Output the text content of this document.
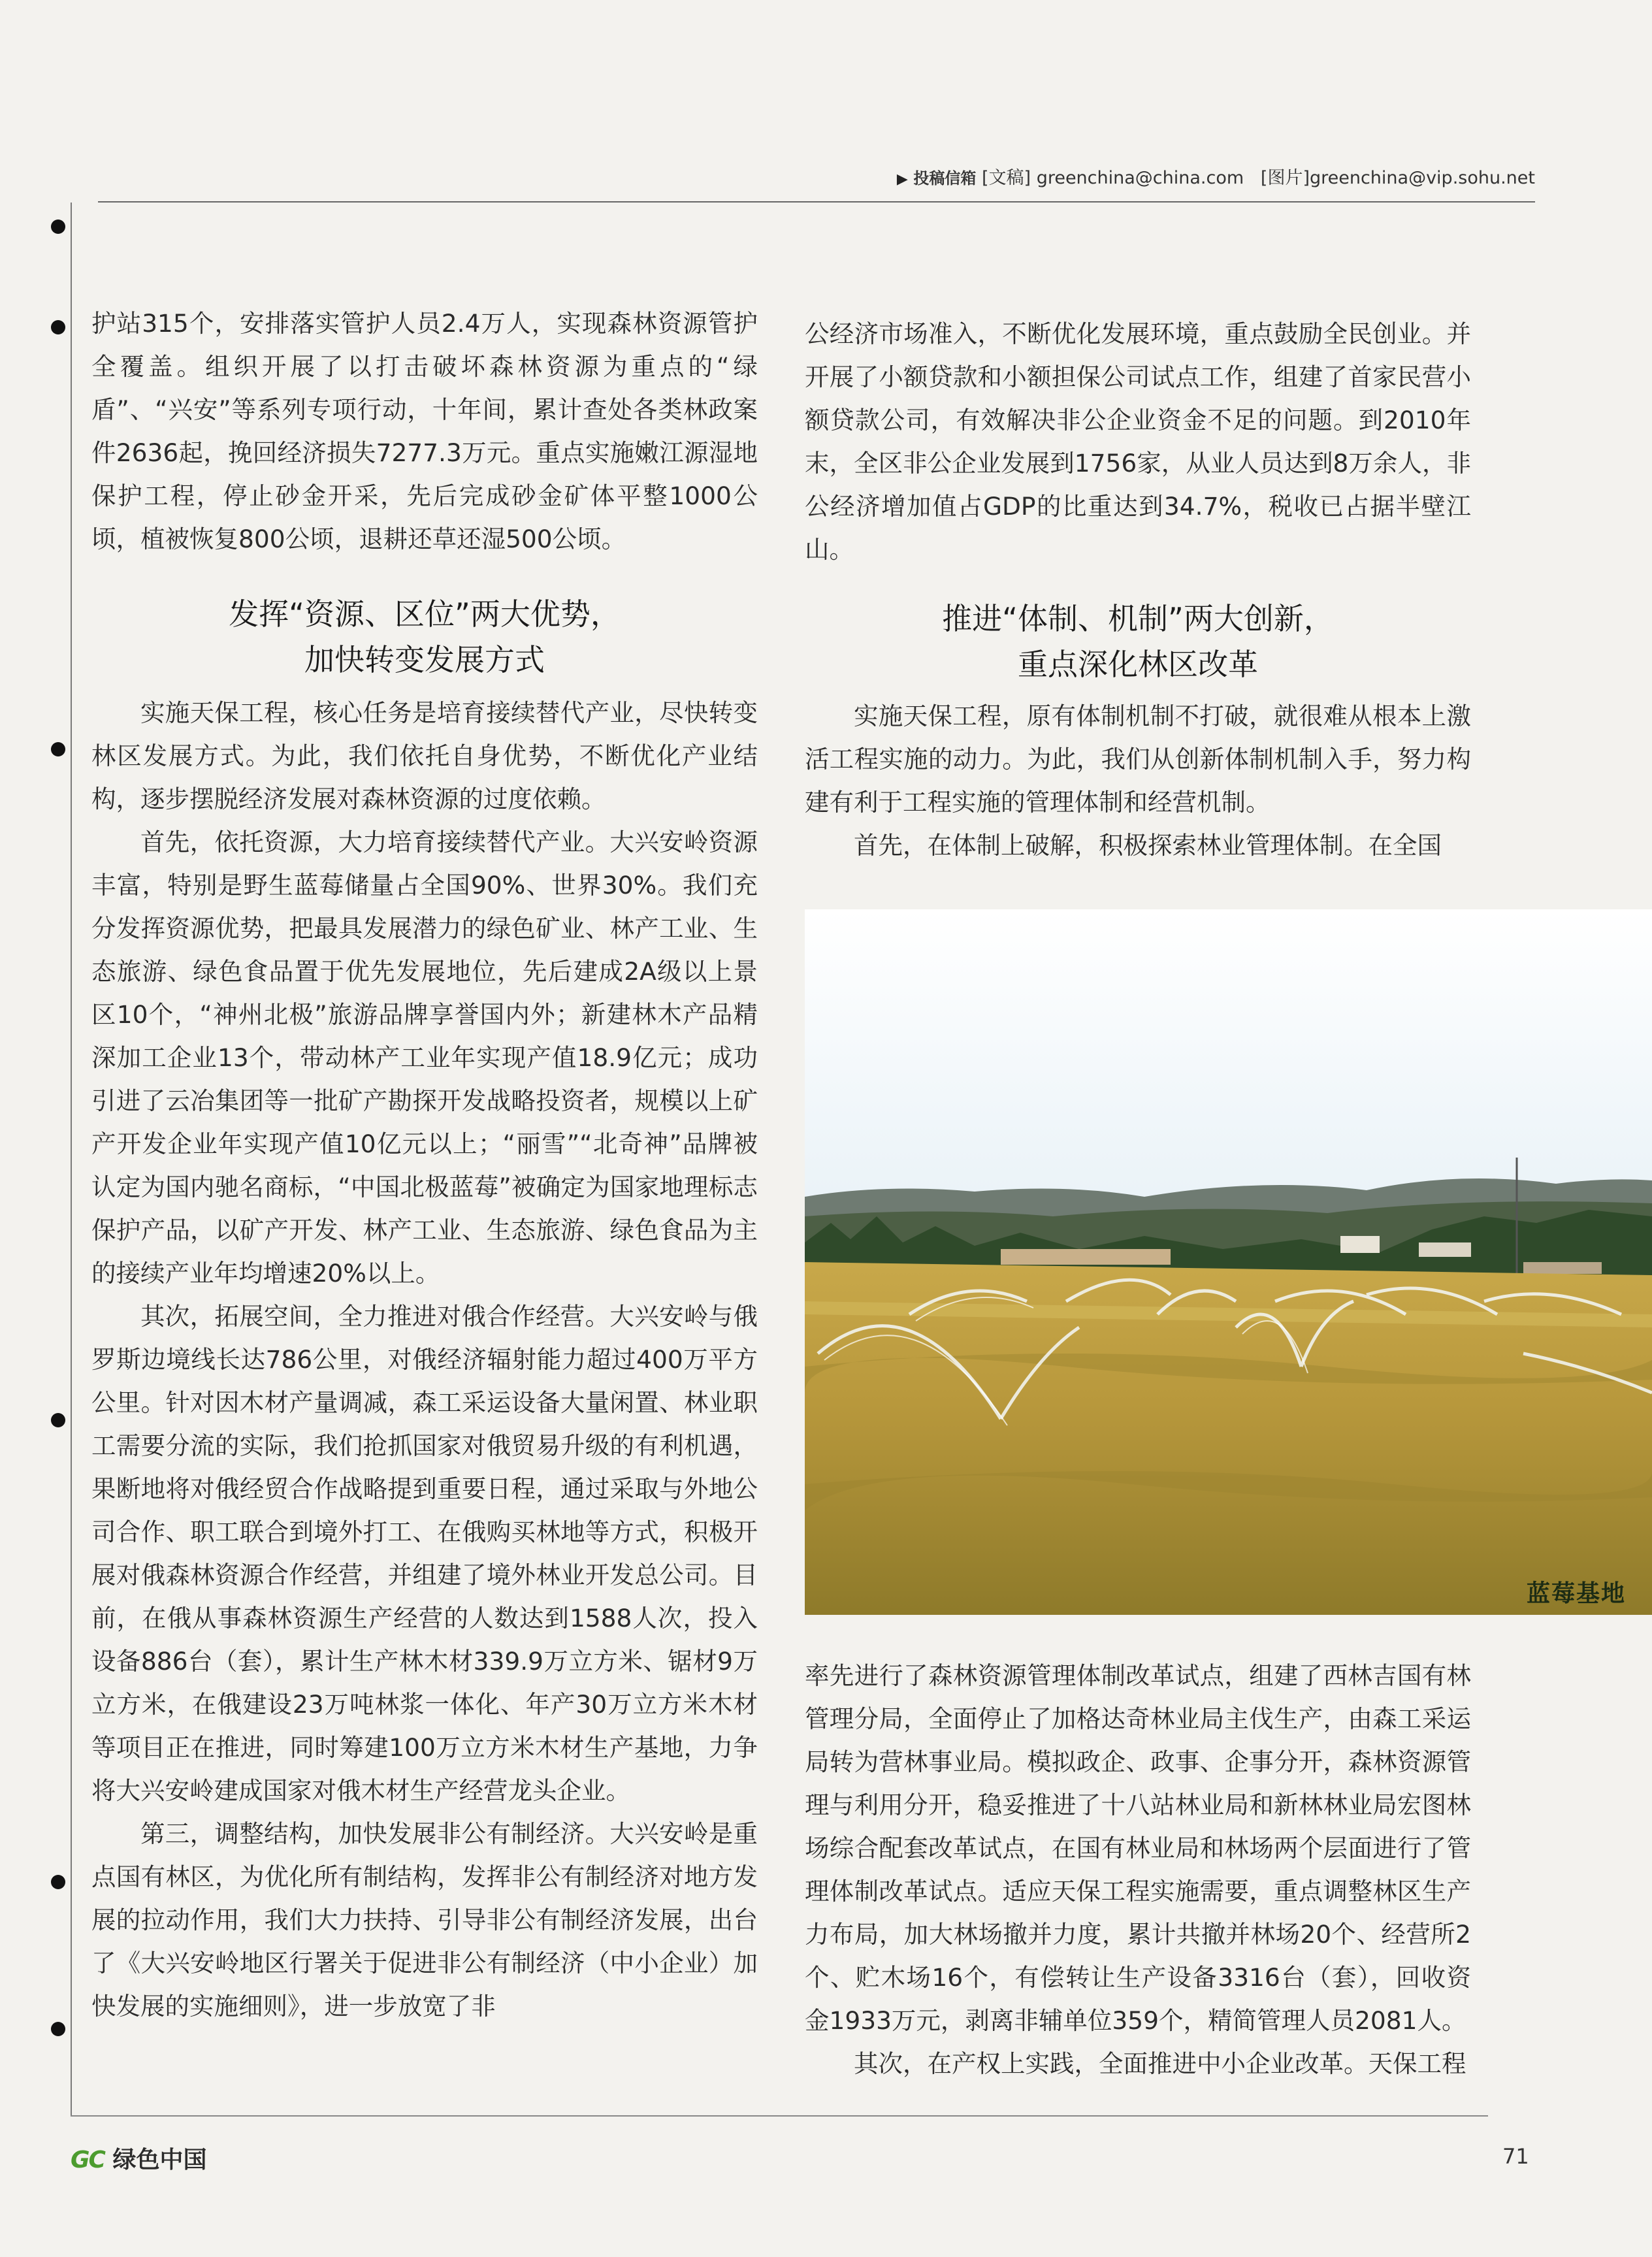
▶ 投稿信箱 [文稿] greenchina@china.com [图片]greenchina@vip.sohu.net

护站315个，安排落实管护人员2.4万人，实现森林资源管护全覆盖。组织开展了以打击破坏森林资源为重点的“绿盾”、“兴安”等系列专项行动，十年间，累计查处各类林政案件2636起，挽回经济损失7277.3万元。重点实施嫩江源湿地保护工程，停止砂金开采，先后完成砂金矿体平整1000公顷，植被恢复800公顷，退耕还草还湿500公顷。

发挥“资源、区位”两大优势，

加快转变发展方式

实施天保工程，核心任务是培育接续替代产业，尽快转变林区发展方式。为此，我们依托自身优势，不断优化产业结构，逐步摆脱经济发展对森林资源的过度依赖。

首先，依托资源，大力培育接续替代产业。大兴安岭资源丰富，特别是野生蓝莓储量占全国90%、世界30%。我们充分发挥资源优势，把最具发展潜力的绿色矿业、林产工业、生态旅游、绿色食品置于优先发展地位，先后建成2A级以上景区10个，“神州北极”旅游品牌享誉国内外；新建林木产品精深加工企业13个，带动林产工业年实现产值18.9亿元；成功引进了云冶集团等一批矿产勘探开发战略投资者，规模以上矿产开发企业年实现产值10亿元以上；“丽雪”“北奇神”品牌被认定为国内驰名商标，“中国北极蓝莓”被确定为国家地理标志保护产品，以矿产开发、林产工业、生态旅游、绿色食品为主的接续产业年均增速20%以上。

其次，拓展空间，全力推进对俄合作经营。大兴安岭与俄罗斯边境线长达786公里，对俄经济辐射能力超过400万平方公里。针对因木材产量调减，森工采运设备大量闲置、林业职工需要分流的实际，我们抢抓国家对俄贸易升级的有利机遇，果断地将对俄经贸合作战略提到重要日程，通过采取与外地公司合作、职工联合到境外打工、在俄购买林地等方式，积极开展对俄森林资源合作经营，并组建了境外林业开发总公司。目前，在俄从事森林资源生产经营的人数达到1588人次，投入设备886台（套），累计生产林木材339.9万立方米、锯材9万立方米，在俄建设23万吨林浆一体化、年产30万立方米木材等项目正在推进，同时筹建100万立方米木材生产基地，力争将大兴安岭建成国家对俄木材生产经营龙头企业。

第三，调整结构，加快发展非公有制经济。大兴安岭是重点国有林区，为优化所有制结构，发挥非公有制经济对地方发展的拉动作用，我们大力扶持、引导非公有制经济发展，出台了《大兴安岭地区行署关于促进非公有制经济（中小企业）加快发展的实施细则》，进一步放宽了非

公经济市场准入，不断优化发展环境，重点鼓励全民创业。并开展了小额贷款和小额担保公司试点工作，组建了首家民营小额贷款公司，有效解决非公企业资金不足的问题。到2010年末，全区非公企业发展到1756家，从业人员达到8万余人，非公经济增加值占GDP的比重达到34.7%，税收已占据半壁江山。

推进“体制、机制”两大创新，

重点深化林区改革

实施天保工程，原有体制机制不打破，就很难从根本上激活工程实施的动力。为此，我们从创新体制机制入手，努力构建有利于工程实施的管理体制和经营机制。

首先，在体制上破解，积极探索林业管理体制。在全国

蓝莓基地

率先进行了森林资源管理体制改革试点，组建了西林吉国有林管理分局，全面停止了加格达奇林业局主伐生产，由森工采运局转为营林事业局。模拟政企、政事、企事分开，森林资源管理与利用分开，稳妥推进了十八站林业局和新林林业局宏图林场综合配套改革试点，在国有林业局和林场两个层面进行了管理体制改革试点。适应天保工程实施需要，重点调整林区生产力布局，加大林场撤并力度，累计共撤并林场20个、经营所2个、贮木场16个，有偿转让生产设备3316台（套），回收资金1933万元，剥离非辅单位359个，精简管理人员2081人。

其次，在产权上实践，全面推进中小企业改革。天保工程

GC 绿色中国	71
